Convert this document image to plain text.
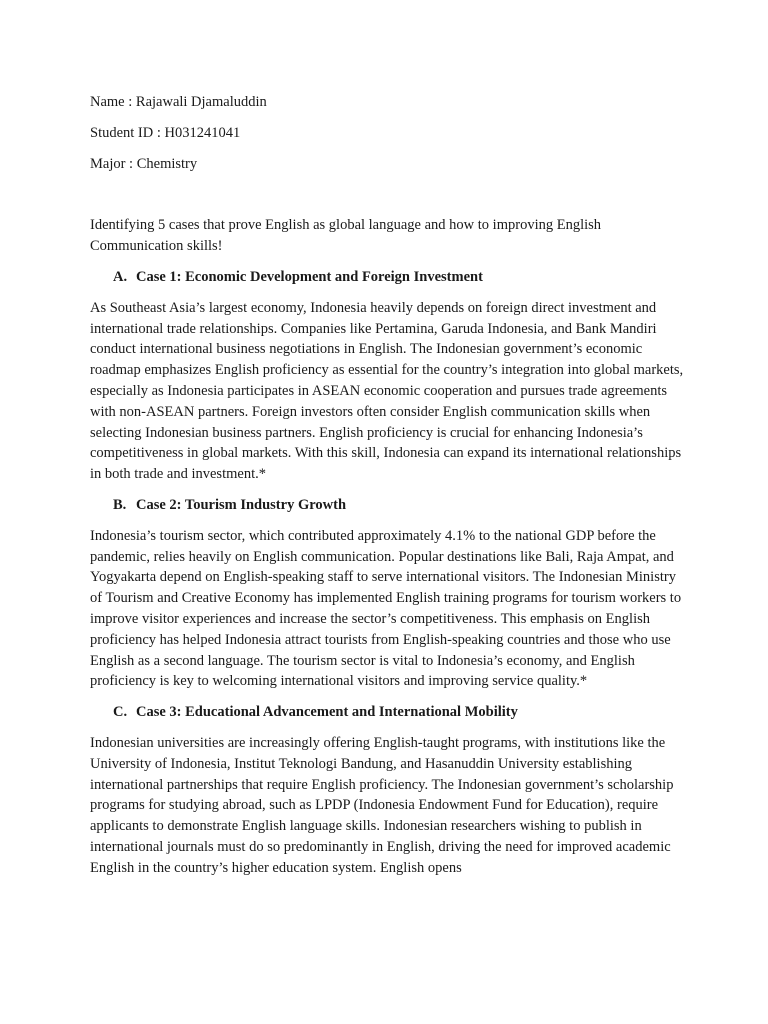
Name : Rajawali Djamaluddin

Student ID : H031241041

Major : Chemistry

Identifying 5 cases that prove English as global language and how to improving English Communication skills!

A. Case 1: Economic Development and Foreign Investment

As Southeast Asia’s largest economy, Indonesia heavily depends on foreign direct investment and international trade relationships. Companies like Pertamina, Garuda Indonesia, and Bank Mandiri conduct international business negotiations in English. The Indonesian government’s economic roadmap emphasizes English proficiency as essential for the country’s integration into global markets, especially as Indonesia participates in ASEAN economic cooperation and pursues trade agreements with non-ASEAN partners. Foreign investors often consider English communication skills when selecting Indonesian business partners. English proficiency is crucial for enhancing Indonesia’s competitiveness in global markets. With this skill, Indonesia can expand its international relationships in both trade and investment.*

B. Case 2: Tourism Industry Growth

Indonesia’s tourism sector, which contributed approximately 4.1% to the national GDP before the pandemic, relies heavily on English communication. Popular destinations like Bali, Raja Ampat, and Yogyakarta depend on English-speaking staff to serve international visitors. The Indonesian Ministry of Tourism and Creative Economy has implemented English training programs for tourism workers to improve visitor experiences and increase the sector’s competitiveness. This emphasis on English proficiency has helped Indonesia attract tourists from English-speaking countries and those who use English as a second language. The tourism sector is vital to Indonesia’s economy, and English proficiency is key to welcoming international visitors and improving service quality.*

C. Case 3: Educational Advancement and International Mobility

Indonesian universities are increasingly offering English-taught programs, with institutions like the University of Indonesia, Institut Teknologi Bandung, and Hasanuddin University establishing international partnerships that require English proficiency. The Indonesian government’s scholarship programs for studying abroad, such as LPDP (Indonesia Endowment Fund for Education), require applicants to demonstrate English language skills. Indonesian researchers wishing to publish in international journals must do so predominantly in English, driving the need for improved academic English in the country’s higher education system. English opens
